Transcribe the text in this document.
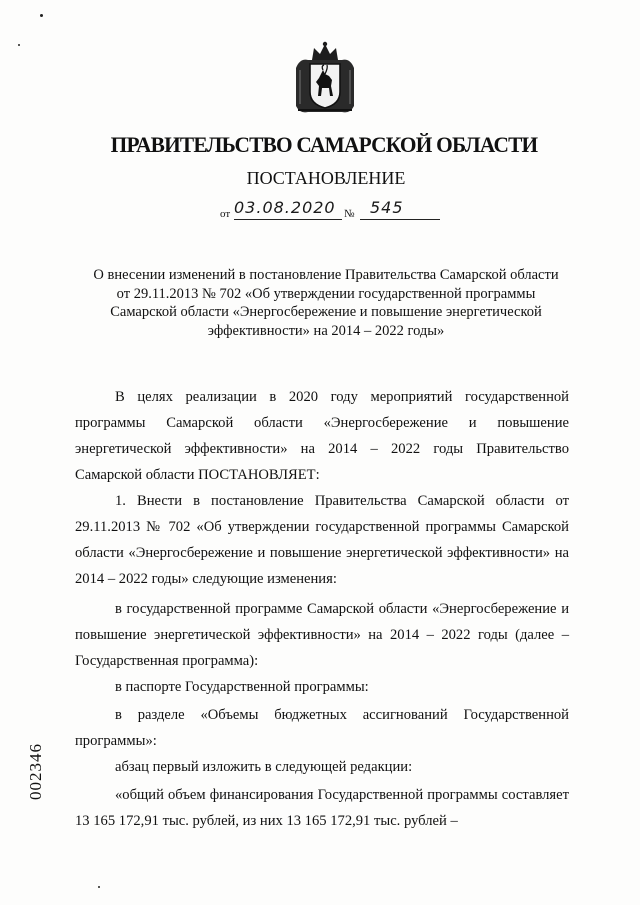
ПРАВИТЕЛЬСТВО САМАРСКОЙ ОБЛАСТИ
ПОСТАНОВЛЕНИЕ
от 03.08.2020 № 545
О внесении изменений в постановление Правительства Самарской области
от 29.11.2013 № 702 «Об утверждении государственной программы
Самарской области «Энергосбережение и повышение энергетической
эффективности» на 2014 – 2022 годы»
В целях реализации в 2020 году мероприятий государственной программы Самарской области «Энергосбережение и повышение энергетической эффективности» на 2014 – 2022 годы Правительство Самарской области ПОСТАНОВЛЯЕТ:
1. Внести в постановление Правительства Самарской области от 29.11.2013 № 702 «Об утверждении государственной программы Самарской области «Энергосбережение и повышение энергетической эффективности» на 2014 – 2022 годы» следующие изменения:
в государственной программе Самарской области «Энергосбережение и повышение энергетической эффективности» на 2014 – 2022 годы (далее – Государственная программа):
в паспорте Государственной программы:
в разделе «Объемы бюджетных ассигнований Государственной программы»:
абзац первый изложить в следующей редакции:
«общий объем финансирования Государственной программы составляет 13 165 172,91 тыс. рублей, из них 13 165 172,91 тыс. рублей –
002346
